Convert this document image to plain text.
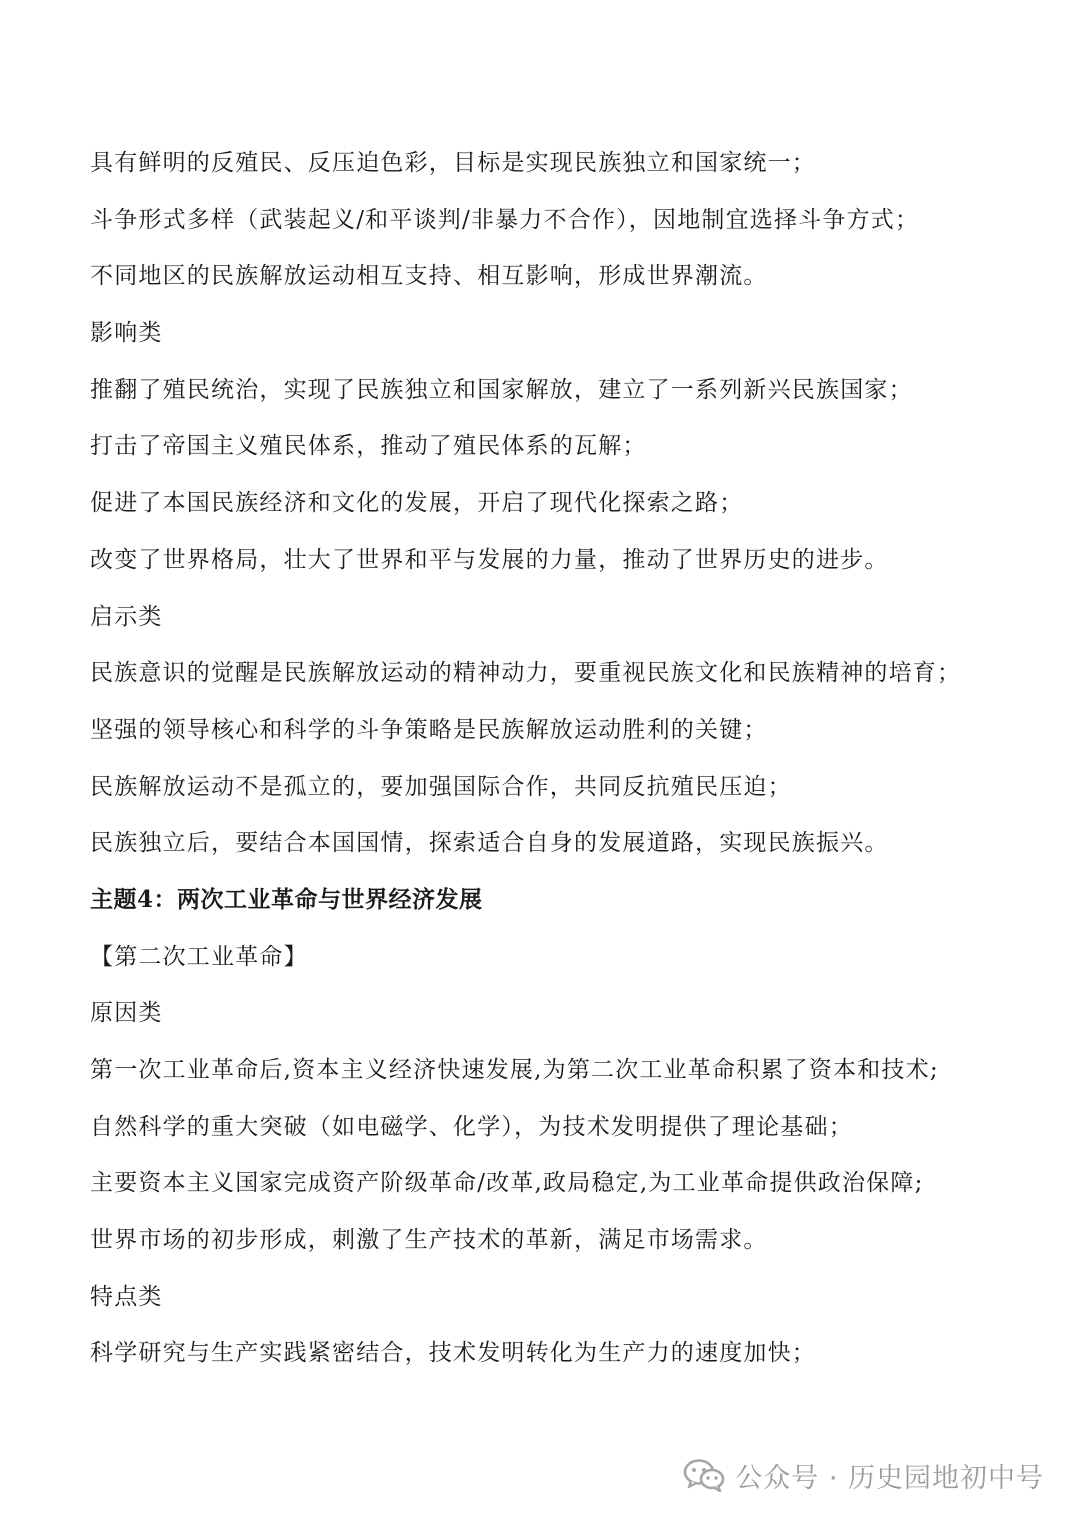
具有鲜明的反殖民、反压迫色彩，目标是实现民族独立和国家统一；
斗争形式多样（武装起义/和平谈判/非暴力不合作），因地制宜选择斗争方式；
不同地区的民族解放运动相互支持、相互影响，形成世界潮流。
影响类
推翻了殖民统治，实现了民族独立和国家解放，建立了一系列新兴民族国家；
打击了帝国主义殖民体系，推动了殖民体系的瓦解；
促进了本国民族经济和文化的发展，开启了现代化探索之路；
改变了世界格局，壮大了世界和平与发展的力量，推动了世界历史的进步。
启示类
民族意识的觉醒是民族解放运动的精神动力，要重视民族文化和民族精神的培育；
坚强的领导核心和科学的斗争策略是民族解放运动胜利的关键；
民族解放运动不是孤立的，要加强国际合作，共同反抗殖民压迫；
民族独立后，要结合本国国情，探索适合自身的发展道路，实现民族振兴。
主题4：两次工业革命与世界经济发展
【第二次工业革命】
原因类
第一次工业革命后,资本主义经济快速发展,为第二次工业革命积累了资本和技术;
自然科学的重大突破（如电磁学、化学），为技术发明提供了理论基础；
主要资本主义国家完成资产阶级革命/改革,政局稳定,为工业革命提供政治保障;
世界市场的初步形成，刺激了生产技术的革新，满足市场需求。
特点类
科学研究与生产实践紧密结合，技术发明转化为生产力的速度加快；
公众号 · 历史园地初中号
